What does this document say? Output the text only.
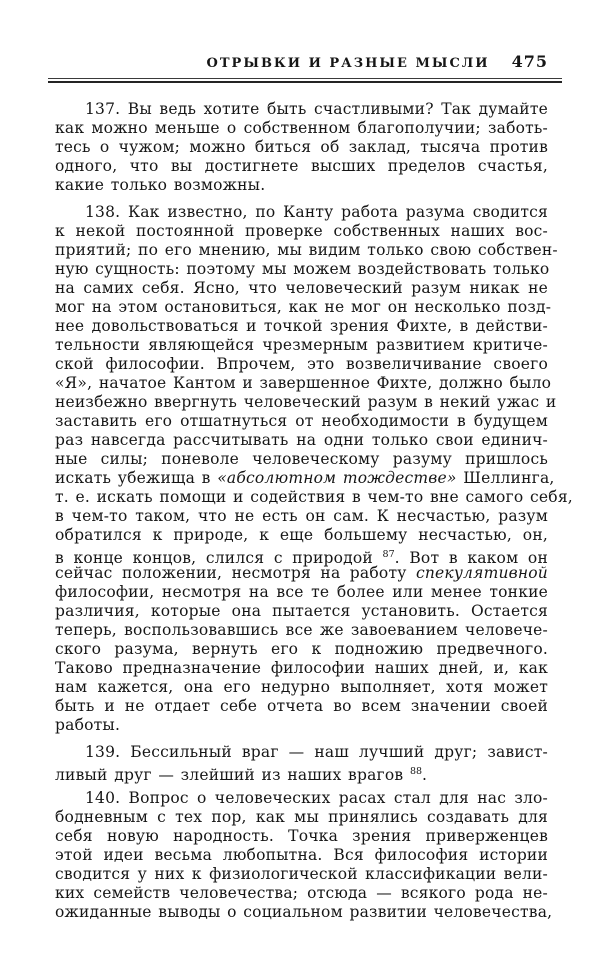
ОТРЫВКИ И РАЗНЫЕ МЫСЛИ 475
137. Вы ведь хотите быть счастливыми? Так думайте
как можно меньше о собственном благополучии; заботь-
тесь о чужом; можно биться об заклад, тысяча против
одного, что вы достигнете высших пределов счастья,
какие только возможны.
138. Как известно, по Канту работа разума сводится
к некой постоянной проверке собственных наших вос-
приятий; по его мнению, мы видим только свою собствен-
ную сущность: поэтому мы можем воздействовать только
на самих себя. Ясно, что человеческий разум никак не
мог на этом остановиться, как не мог он несколько позд-
нее довольствоваться и точкой зрения Фихте, в действи-
тельности являющейся чрезмерным развитием критиче-
ской философии. Впрочем, это возвеличивание своего
«Я», начатое Кантом и завершенное Фихте, должно было
неизбежно ввергнуть человеческий разум в некий ужас и
заставить его отшатнуться от необходимости в будущем
раз навсегда рассчитывать на одни только свои единич-
ные силы; поневоле человеческому разуму пришлось
искать убежища в «абсолютном тождестве» Шеллинга,
т. е. искать помощи и содействия в чем-то вне самого себя,
в чем-то таком, что не есть он сам. К несчастью, разум
обратился к природе, к еще большему несчастью, он,
в конце концов, слился с природой $^{87}$. Вот в каком он
сейчас положении, несмотря на работу спекулятивной
философии, несмотря на все те более или менее тонкие
различия, которые она пытается установить. Остается
теперь, воспользовавшись все же завоеванием человече-
ского разума, вернуть его к подножию предвечного.
Таково предназначение философии наших дней, и, как
нам кажется, она его недурно выполняет, хотя может
быть и не отдает себе отчета во всем значении своей
работы.
139. Бессильный враг — наш лучший друг; завист-
ливый друг — злейший из наших врагов $^{88}$.
140. Вопрос о человеческих расах стал для нас зло-
бодневным с тех пор, как мы принялись создавать для
себя новую народность. Точка зрения приверженцев
этой идеи весьма любопытна. Вся философия истории
сводится у них к физиологической классификации вели-
ких семейств человечества; отсюда — всякого рода не-
ожиданные выводы о социальном развитии человечества,
